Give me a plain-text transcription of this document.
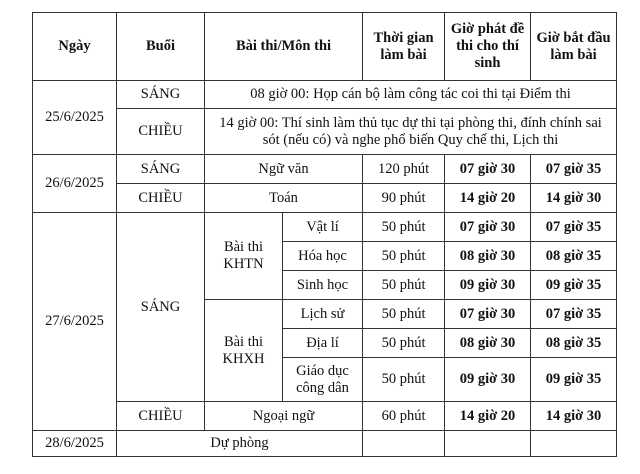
Ngày	Buổi	Bài thi/Môn thi		Thời gian làm bài	Giờ phát đề thi cho thí sinh	Giờ bắt đầu làm bài
25/6/2025	SÁNG	08 giờ 00: Họp cán bộ làm công tác coi thi tại Điểm thi				
	CHIỀU	14 giờ 00: Thí sinh làm thủ tục dự thi tại phòng thi, đính chính sai sót (nếu có) và nghe phổ biến Quy chế thi, Lịch thi				
26/6/2025	SÁNG	Ngữ văn		120 phút	07 giờ 30	07 giờ 35
	CHIỀU	Toán		90 phút	14 giờ 20	14 giờ 30
27/6/2025	SÁNG	Bài thi KHTN	Vật lí	50 phút	07 giờ 30	07 giờ 35
			Hóa học	50 phút	08 giờ 30	08 giờ 35
			Sinh học	50 phút	09 giờ 30	09 giờ 35
		Bài thi KHXH	Lịch sử	50 phút	07 giờ 30	07 giờ 35
			Địa lí	50 phút	08 giờ 30	08 giờ 35
			Giáo dục công dân	50 phút	09 giờ 30	09 giờ 35
	CHIỀU	Ngoại ngữ		60 phút	14 giờ 20	14 giờ 30
28/6/2025	Dự phòng					
